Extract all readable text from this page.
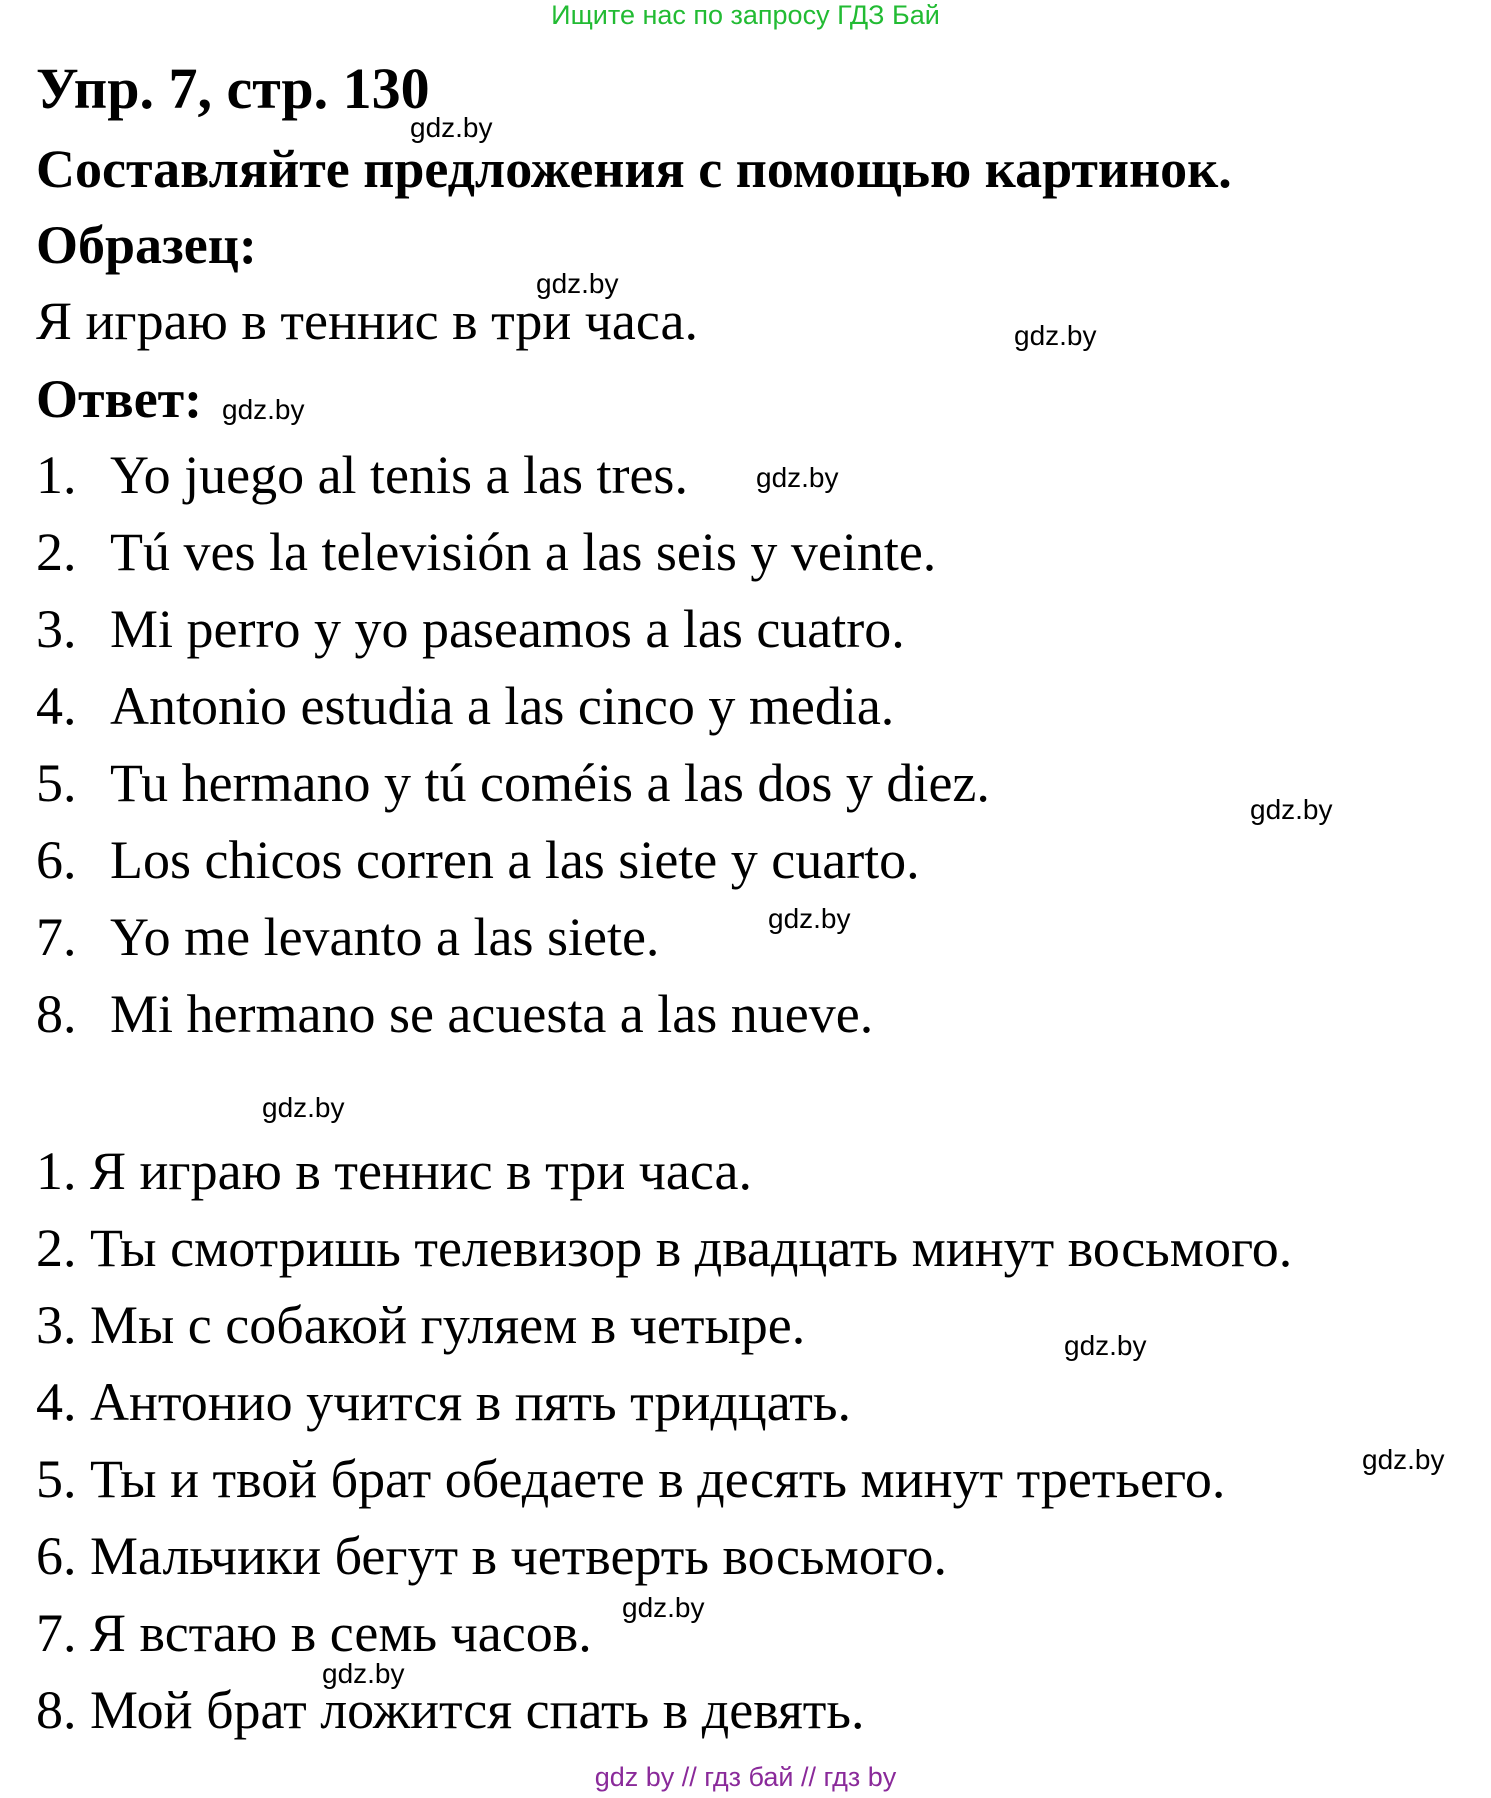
Ищите нас по запросу ГДЗ Бай
Упр. 7, стр. 130
Составляйте предложения с помощью картинок.
Образец:
Я играю в теннис в три часа.
Ответ:
1. Yo juego al tenis a las tres.
2. Tú ves la televisión a las seis y veinte.
3. Mi perro y yo paseamos a las cuatro.
4. Antonio estudia a las cinco y media.
5. Tu hermano y tú coméis a las dos y diez.
6. Los chicos corren a las siete y cuarto.
7. Yo me levanto a las siete.
8. Mi hermano se acuesta a las nueve.
1. Я играю в теннис в три часа.
2. Ты смотришь телевизор в двадцать минут восьмого.
3. Мы с собакой гуляем в четыре.
4. Антонио учится в пять тридцать.
5. Ты и твой брат обедаете в десять минут третьего.
6. Мальчики бегут в четверть восьмого.
7. Я встаю в семь часов.
8. Мой брат ложится спать в девять.
gdz.by
gdz.by
gdz.by
gdz.by
gdz.by
gdz.by
gdz.by
gdz.by
gdz.by
gdz.by
gdz.by
gdz.by
gdz by // гдз бай // гдз by
